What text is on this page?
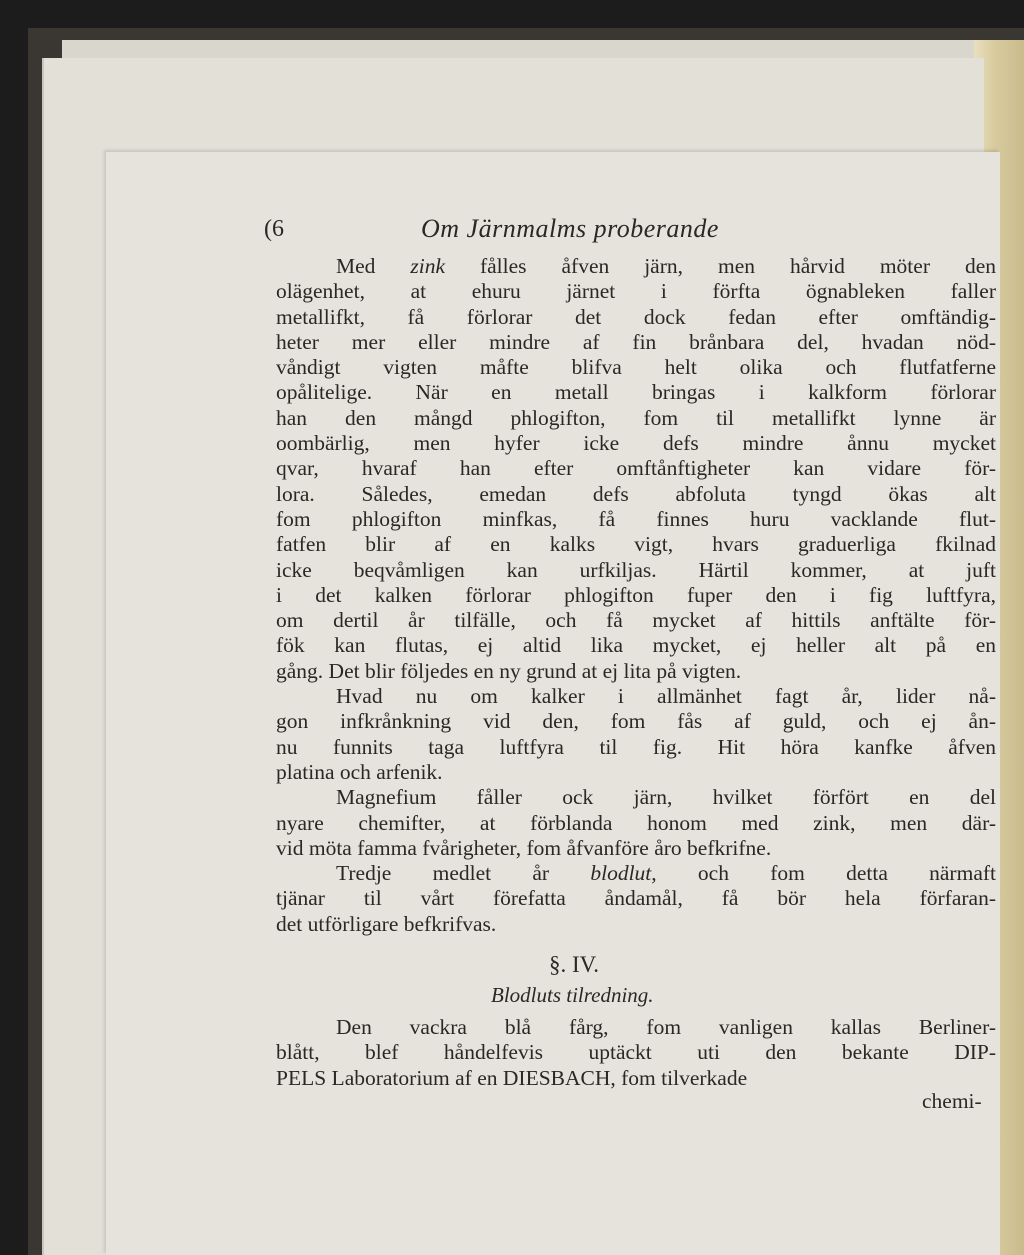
(6	Om Järnmalms proberande
Med zink fålles åfven järn, men hårvid möter den
olägenhet, at ehuru järnet i förfta ögnableken faller
metallifkt, få förlorar det dock fedan efter omftändig-
heter mer eller mindre af fin brånbara del, hvadan nöd-
våndigt vigten måfte blifva helt olika och flutfatferne
opålitelige. När en metall bringas i kalkform förlorar
han den mångd phlogifton, fom til metallifkt lynne är
oombärlig, men hyfer icke defs mindre ånnu mycket
qvar, hvaraf han efter omftånftigheter kan vidare för-
lora. Således, emedan defs abfoluta tyngd ökas alt
fom phlogifton minfkas, få finnes huru vacklande flut-
fatfen blir af en kalks vigt, hvars graduerliga fkilnad
icke beqvåmligen kan urfkiljas. Härtil kommer, at juft
i det kalken förlorar phlogifton fuper den i fig luftfyra,
om dertil år tilfälle, och få mycket af hittils anftälte för-
fök kan flutas, ej altid lika mycket, ej heller alt på en
gång. Det blir följedes en ny grund at ej lita på vigten.
Hvad nu om kalker i allmänhet fagt år, lider nå-
gon infkrånkning vid den, fom fås af guld, och ej ån-
nu funnits taga luftfyra til fig. Hit höra kanfke åfven
platina och arfenik.
Magnefium fåller ock järn, hvilket förfört en del
nyare chemifter, at förblanda honom med zink, men där-
vid möta famma fvårigheter, fom åfvanföre åro befkrifne.
Tredje medlet år blodlut, och fom detta närmaft
tjänar til vårt förefatta åndamål, få bör hela förfaran-
det utförligare befkrifvas.
§. IV.
Blodluts tilredning.
Den vackra blå fårg, fom vanligen kallas Berliner-
blått, blef håndelfevis uptäckt uti den bekante DIP-
PELS Laboratorium af en DIESBACH, fom tilverkade
chemi-
